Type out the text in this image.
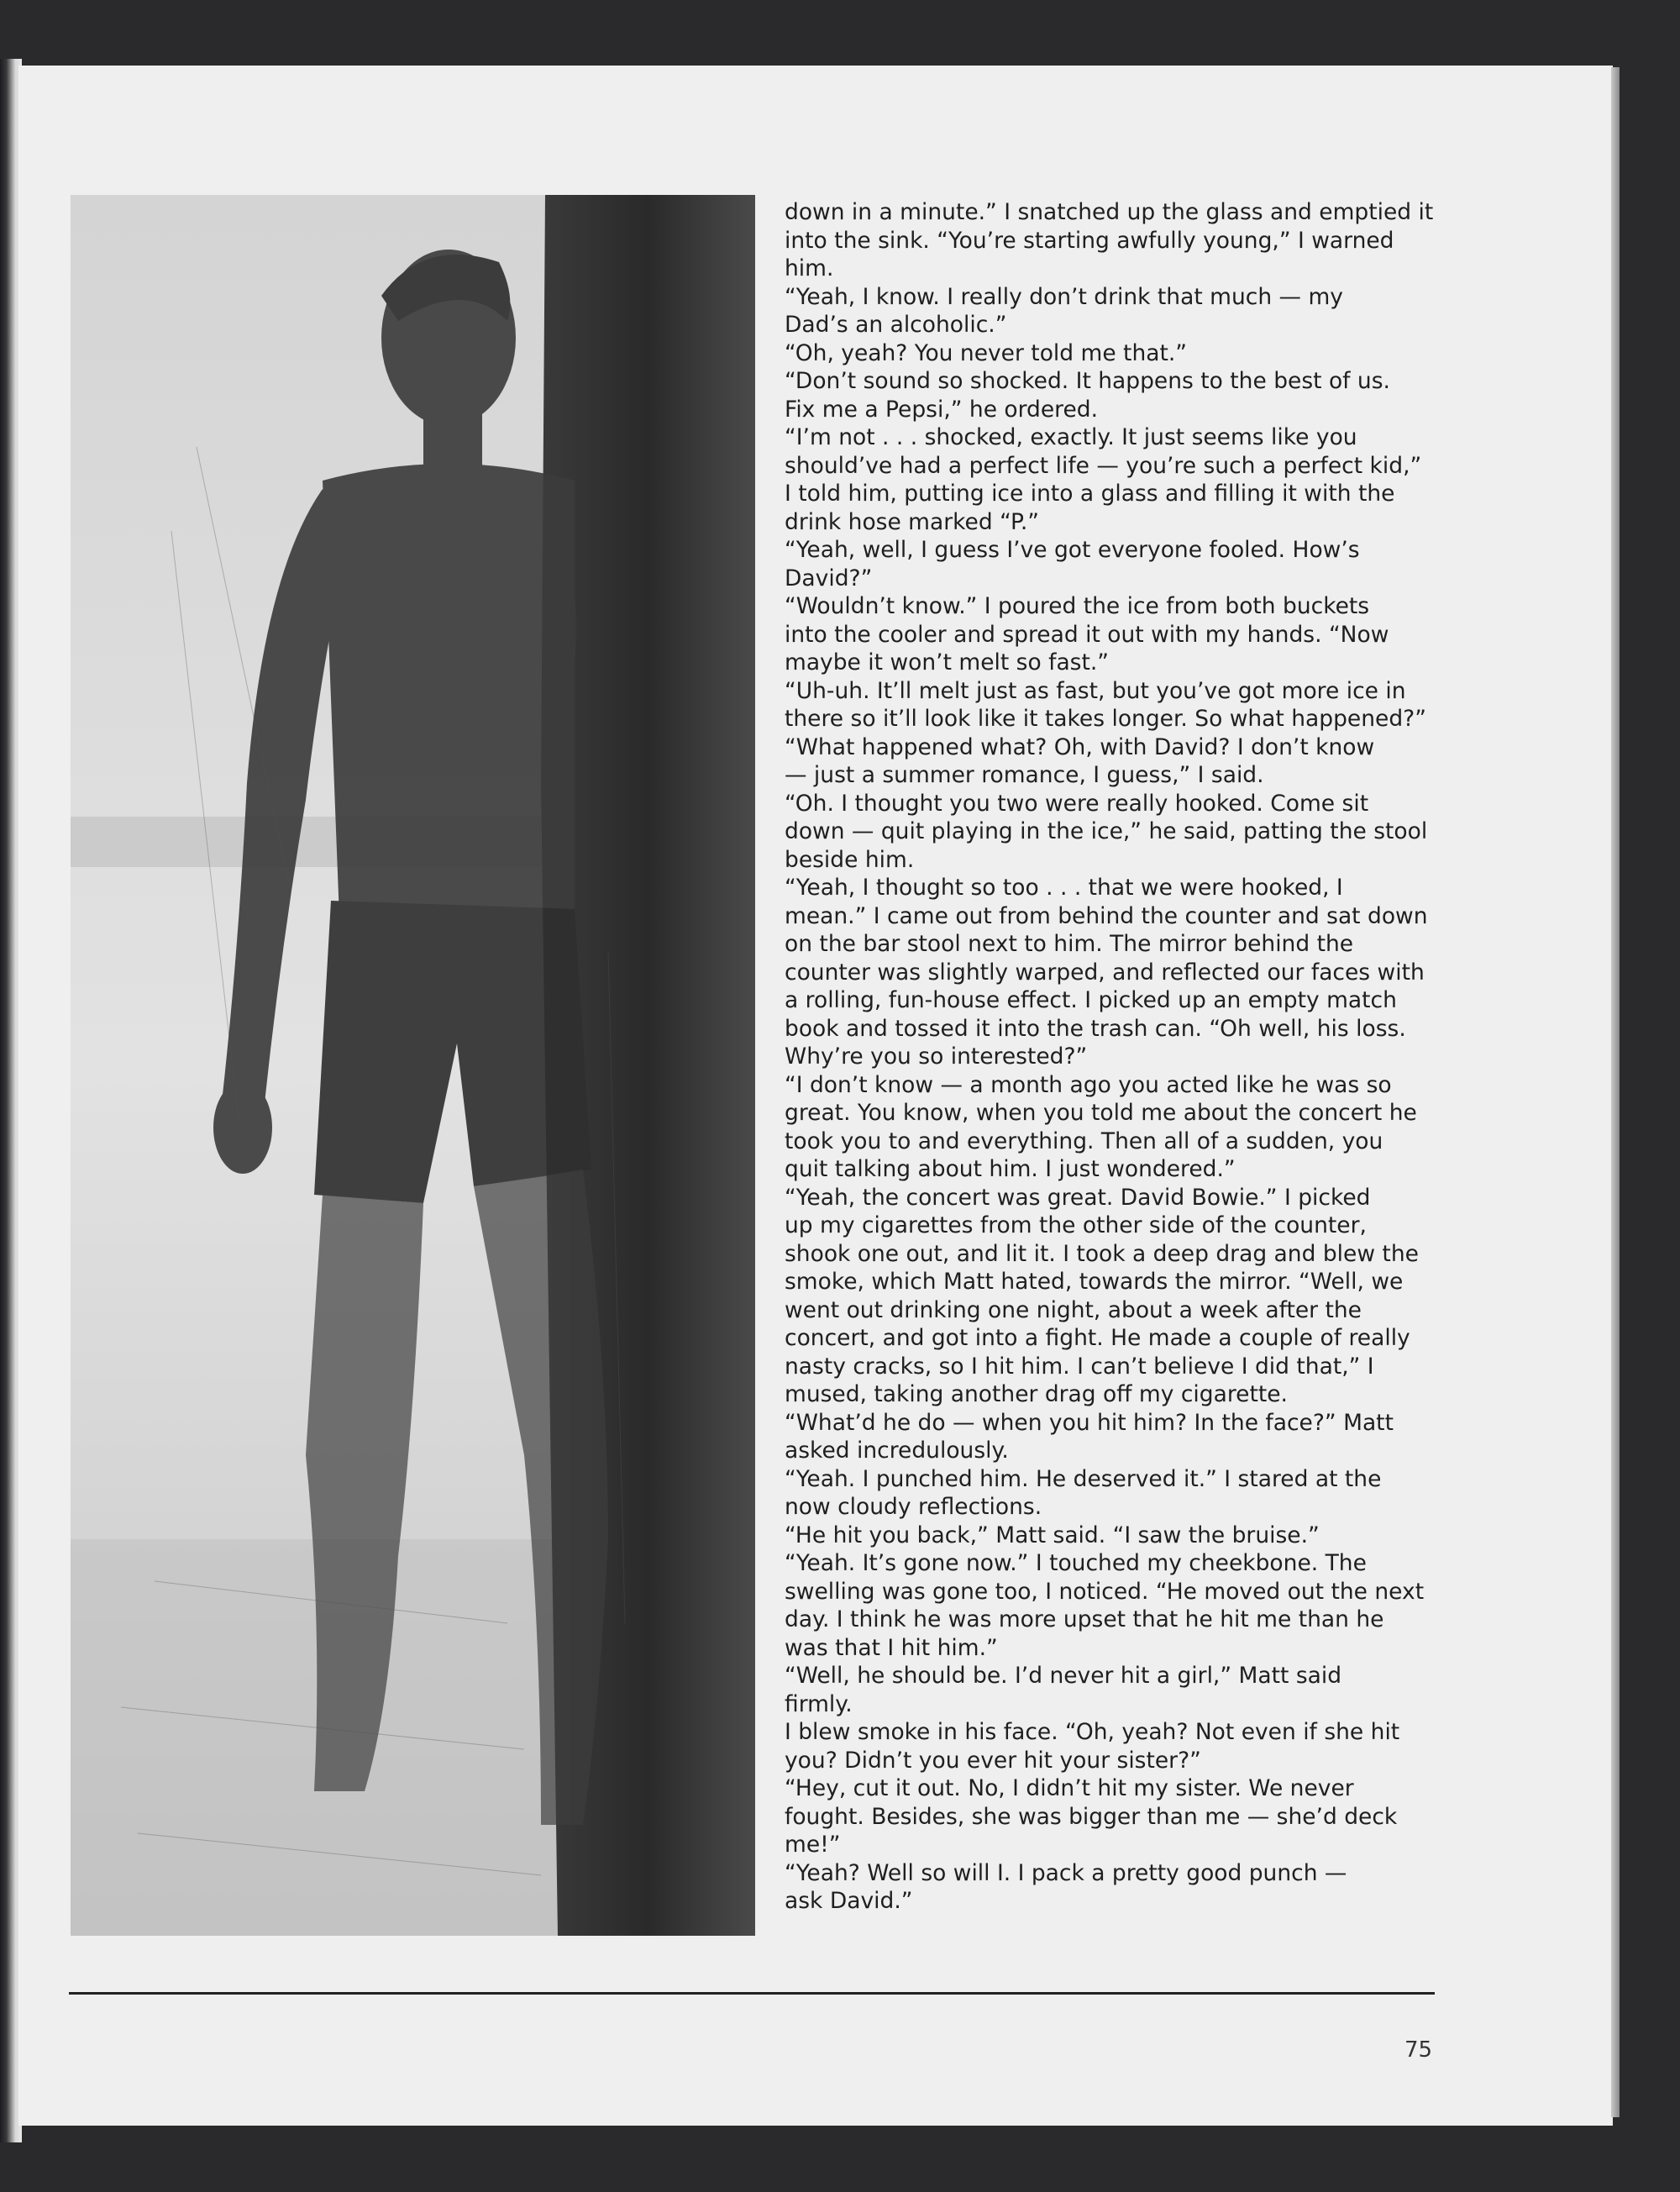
down in a minute.” I snatched up the glass and emptied it
into the sink. “You’re starting awfully young,” I warned
him.
“Yeah, I know. I really don’t drink that much — my
Dad’s an alcoholic.”
“Oh, yeah? You never told me that.”
“Don’t sound so shocked. It happens to the best of us.
Fix me a Pepsi,” he ordered.
“I’m not . . . shocked, exactly. It just seems like you
should’ve had a perfect life — you’re such a perfect kid,”
I told him, putting ice into a glass and filling it with the
drink hose marked “P.”
“Yeah, well, I guess I’ve got everyone fooled. How’s
David?”
“Wouldn’t know.” I poured the ice from both buckets
into the cooler and spread it out with my hands. “Now
maybe it won’t melt so fast.”
“Uh-uh. It’ll melt just as fast, but you’ve got more ice in
there so it’ll look like it takes longer. So what happened?”
“What happened what? Oh, with David? I don’t know
— just a summer romance, I guess,” I said.
“Oh. I thought you two were really hooked. Come sit
down — quit playing in the ice,” he said, patting the stool
beside him.
“Yeah, I thought so too . . . that we were hooked, I
mean.” I came out from behind the counter and sat down
on the bar stool next to him. The mirror behind the
counter was slightly warped, and reflected our faces with
a rolling, fun-house effect. I picked up an empty match
book and tossed it into the trash can. “Oh well, his loss.
Why’re you so interested?”
“I don’t know — a month ago you acted like he was so
great. You know, when you told me about the concert he
took you to and everything. Then all of a sudden, you
quit talking about him. I just wondered.”
“Yeah, the concert was great. David Bowie.” I picked
up my cigarettes from the other side of the counter,
shook one out, and lit it. I took a deep drag and blew the
smoke, which Matt hated, towards the mirror. “Well, we
went out drinking one night, about a week after the
concert, and got into a fight. He made a couple of really
nasty cracks, so I hit him. I can’t believe I did that,” I
mused, taking another drag off my cigarette.
“What’d he do — when you hit him? In the face?” Matt
asked incredulously.
“Yeah. I punched him. He deserved it.” I stared at the
now cloudy reflections.
“He hit you back,” Matt said. “I saw the bruise.”
“Yeah. It’s gone now.” I touched my cheekbone. The
swelling was gone too, I noticed. “He moved out the next
day. I think he was more upset that he hit me than he
was that I hit him.”
“Well, he should be. I’d never hit a girl,” Matt said
firmly.
I blew smoke in his face. “Oh, yeah? Not even if she hit
you? Didn’t you ever hit your sister?”
“Hey, cut it out. No, I didn’t hit my sister. We never
fought. Besides, she was bigger than me — she’d deck
me!”
“Yeah? Well so will I. I pack a pretty good punch —
ask David.”
75
